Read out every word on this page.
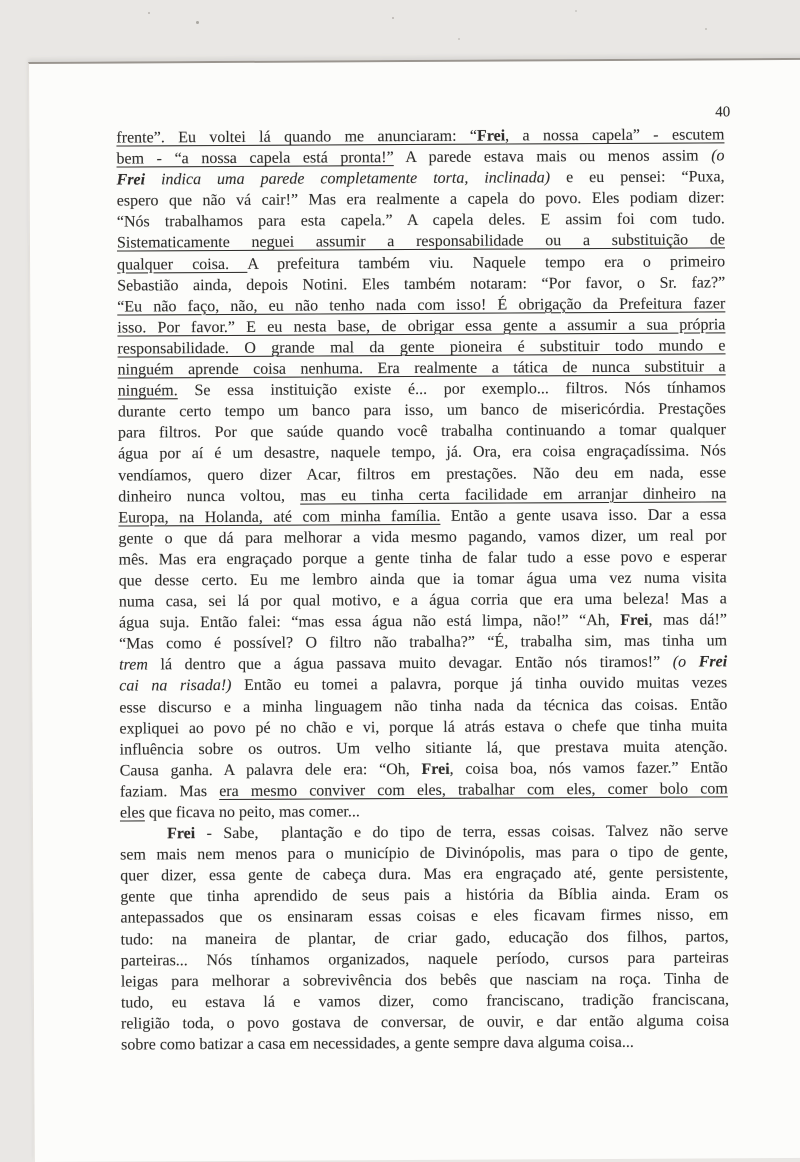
40
frente”. Eu voltei lá quando me anunciaram: “Frei, a nossa capela” - escutem
bem - “a nossa capela está pronta!” A parede estava mais ou menos assim (o
Frei indica uma parede completamente torta, inclinada) e eu pensei: “Puxa,
espero que não vá cair!” Mas era realmente a capela do povo. Eles podiam dizer:
“Nós trabalhamos para esta capela.” A capela deles. E assim foi com tudo.
Sistematicamente neguei assumir a responsabilidade ou a substituição de
qualquer coisa. A prefeitura também viu. Naquele tempo era o primeiro
Sebastião ainda, depois Notini. Eles também notaram: “Por favor, o Sr. faz?”
“Eu não faço, não, eu não tenho nada com isso! É obrigação da Prefeitura fazer
isso. Por favor.” E eu nesta base, de obrigar essa gente a assumir a sua própria
responsabilidade. O grande mal da gente pioneira é substituir todo mundo e
ninguém aprende coisa nenhuma. Era realmente a tática de nunca substituir a
ninguém. Se essa instituição existe é... por exemplo... filtros. Nós tínhamos
durante certo tempo um banco para isso, um banco de misericórdia. Prestações
para filtros. Por que saúde quando você trabalha continuando a tomar qualquer
água por aí é um desastre, naquele tempo, já. Ora, era coisa engraçadíssima. Nós
vendíamos, quero dizer Acar, filtros em prestações. Não deu em nada, esse
dinheiro nunca voltou, mas eu tinha certa facilidade em arranjar dinheiro na
Europa, na Holanda, até com minha família. Então a gente usava isso. Dar a essa
gente o que dá para melhorar a vida mesmo pagando, vamos dizer, um real por
mês. Mas era engraçado porque a gente tinha de falar tudo a esse povo e esperar
que desse certo. Eu me lembro ainda que ia tomar água uma vez numa visita
numa casa, sei lá por qual motivo, e a água corria que era uma beleza! Mas a
água suja. Então falei: “mas essa água não está limpa, não!” “Ah, Frei, mas dá!”
“Mas como é possível? O filtro não trabalha?” “É, trabalha sim, mas tinha um
trem lá dentro que a água passava muito devagar. Então nós tiramos!” (o Frei
cai na risada!) Então eu tomei a palavra, porque já tinha ouvido muitas vezes
esse discurso e a minha linguagem não tinha nada da técnica das coisas. Então
expliquei ao povo pé no chão e vi, porque lá atrás estava o chefe que tinha muita
influência sobre os outros. Um velho sitiante lá, que prestava muita atenção.
Causa ganha. A palavra dele era: “Oh, Frei, coisa boa, nós vamos fazer.” Então
faziam. Mas era mesmo conviver com eles, trabalhar com eles, comer bolo com
eles que ficava no peito, mas comer...
Frei - Sabe,  plantação e do tipo de terra, essas coisas. Talvez não serve
sem mais nem menos para o município de Divinópolis, mas para o tipo de gente,
quer dizer, essa gente de cabeça dura. Mas era engraçado até, gente persistente,
gente que tinha aprendido de seus pais a história da Bíblia ainda. Eram os
antepassados que os ensinaram essas coisas e eles ficavam firmes nisso, em
tudo: na maneira de plantar, de criar gado, educação dos filhos, partos,
parteiras... Nós tínhamos organizados, naquele período, cursos para parteiras
leigas para melhorar a sobrevivência dos bebês que nasciam na roça. Tinha de
tudo, eu estava lá e vamos dizer, como franciscano, tradição franciscana,
religião toda, o povo gostava de conversar, de ouvir, e dar então alguma coisa
sobre como batizar a casa em necessidades, a gente sempre dava alguma coisa...
